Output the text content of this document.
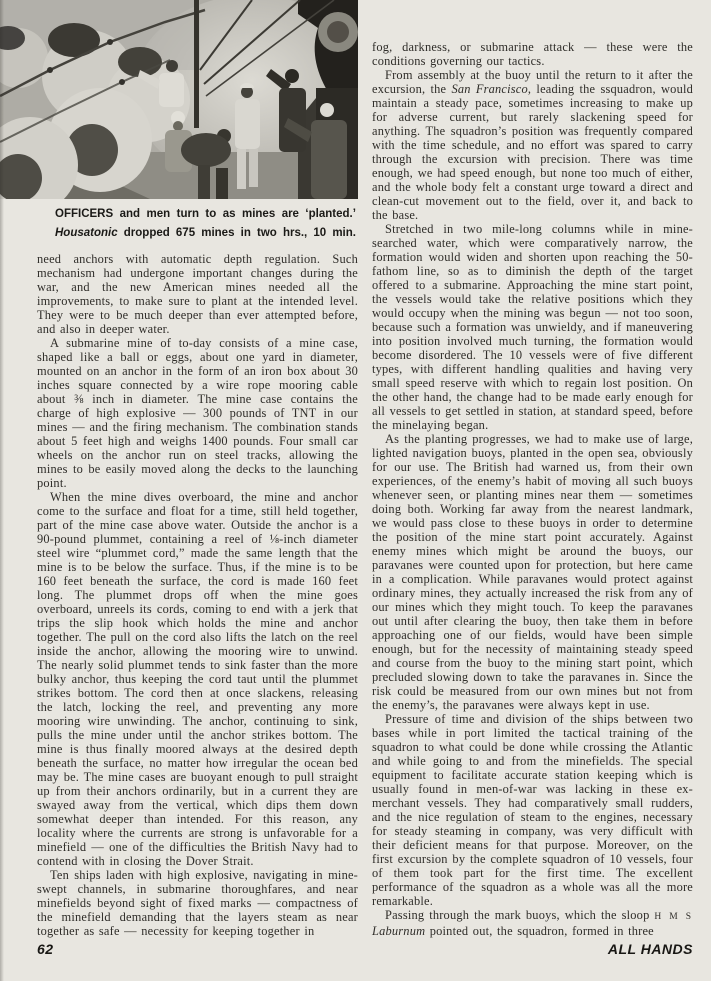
OFFICERS and men turn to as mines are ‘planted.’
Housatonic dropped 675 mines in two hrs., 10 min.

need anchors with automatic depth regulation. Such mechanism had undergone important changes during the war, and the new American mines needed all the improvements, to make sure to plant at the intended level. They were to be much deeper than ever attempted before, and also in deeper water.

A submarine mine of to-day consists of a mine case, shaped like a ball or eggs, about one yard in diameter, mounted on an anchor in the form of an iron box about 30 inches square connected by a wire rope mooring cable about ⅜ inch in diameter. The mine case contains the charge of high explosive — 300 pounds of TNT in our mines — and the firing mechanism. The combination stands about 5 feet high and weighs 1400 pounds. Four small car wheels on the anchor run on steel tracks, allowing the mines to be easily moved along the decks to the launching point.

When the mine dives overboard, the mine and anchor come to the surface and float for a time, still held together, part of the mine case above water. Outside the anchor is a 90-pound plummet, containing a reel of ⅛-inch diameter steel wire “plummet cord,” made the same length that the mine is to be below the surface. Thus, if the mine is to be 160 feet beneath the surface, the cord is made 160 feet long. The plummet drops off when the mine goes overboard, unreels its cords, coming to end with a jerk that trips the slip hook which holds the mine and anchor together. The pull on the cord also lifts the latch on the reel inside the anchor, allowing the mooring wire to unwind. The nearly solid plummet tends to sink faster than the more bulky anchor, thus keeping the cord taut until the plummet strikes bottom. The cord then at once slackens, releasing the latch, locking the reel, and preventing any more mooring wire unwinding. The anchor, continuing to sink, pulls the mine under until the anchor strikes bottom. The mine is thus finally moored always at the desired depth beneath the surface, no matter how irregular the ocean bed may be. The mine cases are buoyant enough to pull straight up from their anchors ordinarily, but in a current they are swayed away from the vertical, which dips them down somewhat deeper than intended. For this reason, any locality where the currents are strong is unfavorable for a minefield — one of the difficulties the British Navy had to contend with in closing the Dover Strait.

Ten ships laden with high explosive, navigating in mine-swept channels, in submarine thoroughfares, and near minefields beyond sight of fixed marks — compactness of the minefield demanding that the layers steam as near together as safe — necessity for keeping together in

fog, darkness, or submarine attack — these were the conditions governing our tactics.

From assembly at the buoy until the return to it after the excursion, the San Francisco, leading the ssquadron, would maintain a steady pace, sometimes increasing to make up for adverse current, but rarely slackening speed for anything. The squadron’s position was frequently compared with the time schedule, and no effort was spared to carry through the excursion with precision. There was time enough, we had speed enough, but none too much of either, and the whole body felt a constant urge toward a direct and clean-cut movement out to the field, over it, and back to the base.

Stretched in two mile-long columns while in mine-searched water, which were comparatively narrow, the formation would widen and shorten upon reaching the 50-fathom line, so as to diminish the depth of the target offered to a submarine. Approaching the mine start point, the vessels would take the relative positions which they would occupy when the mining was begun — not too soon, because such a formation was unwieldy, and if maneuvering into position involved much turning, the formation would become disordered. The 10 vessels were of five different types, with different handling qualities and having very small speed reserve with which to regain lost position. On the other hand, the change had to be made early enough for all vessels to get settled in station, at standard speed, before the minelaying began.

As the planting progresses, we had to make use of large, lighted navigation buoys, planted in the open sea, obviously for our use. The British had warned us, from their own experiences, of the enemy’s habit of moving all such buoys whenever seen, or planting mines near them — sometimes doing both. Working far away from the nearest landmark, we would pass close to these buoys in order to determine the position of the mine start point accurately. Against enemy mines which might be around the buoys, our paravanes were counted upon for protection, but here came in a complication. While paravanes would protect against ordinary mines, they actually increased the risk from any of our mines which they might touch. To keep the paravanes out until after clearing the buoy, then take them in before approaching one of our fields, would have been simple enough, but for the necessity of maintaining steady speed and course from the buoy to the mining start point, which precluded slowing down to take the paravanes in. Since the risk could be measured from our own mines but not from the enemy’s, the paravanes were always kept in use.

Pressure of time and division of the ships between two bases while in port limited the tactical training of the squadron to what could be done while crossing the Atlantic and while going to and from the minefields. The special equipment to facilitate accurate station keeping which is usually found in men-of-war was lacking in these ex-merchant vessels. They had comparatively small rudders, and the nice regulation of steam to the engines, necessary for steady steaming in company, was very difficult with their deficient means for that purpose. Moreover, on the first excursion by the complete squadron of 10 vessels, four of them took part for the first time. The excellent performance of the squadron as a whole was all the more remarkable.

Passing through the mark buoys, which the sloop H M S Laburnum pointed out, the squadron, formed in three

62	ALL HANDS
